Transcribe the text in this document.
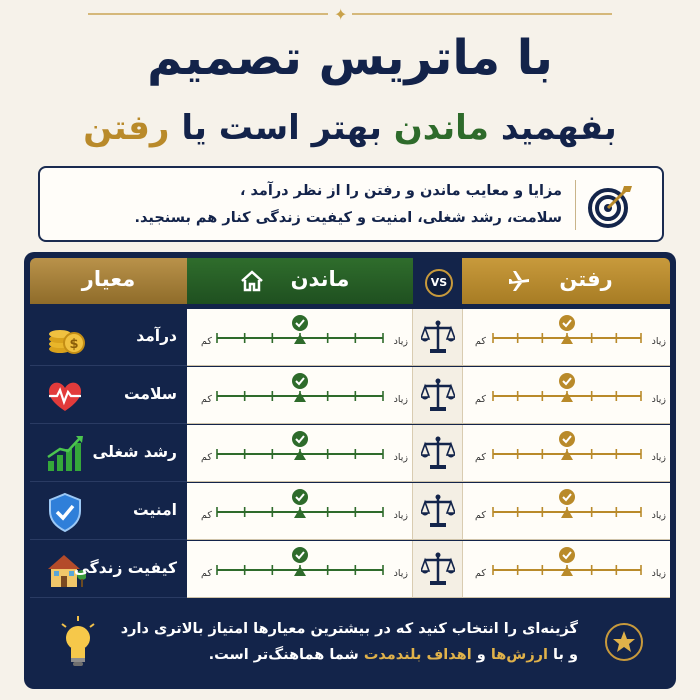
✦
با ماتریس تصمیم
بفهمید ماندن بهتر است یا رفتن
مزایا و معایب ماندن و رفتن را از نظر درآمد ،
سلامت، رشد شغلی، امنیت و کیفیت زندگی کنار هم بسنجید.
معیار	ماندن	VS	رفتن
$	درآمد	کم	زیاد	کم	زیاد
سلامت	کم	زیاد	کم	زیاد
رشد شغلی	کم	زیاد	کم	زیاد
امنیت	کم	زیاد	کم	زیاد
کیفیت زندگی	کم	زیاد	کم	زیاد
گزینه‌ای را انتخاب کنید که در بیشترین معیارها امتیاز بالاتری دارد
و با ارزش‌ها و اهداف بلندمدت شما هماهنگ‌تر است.
